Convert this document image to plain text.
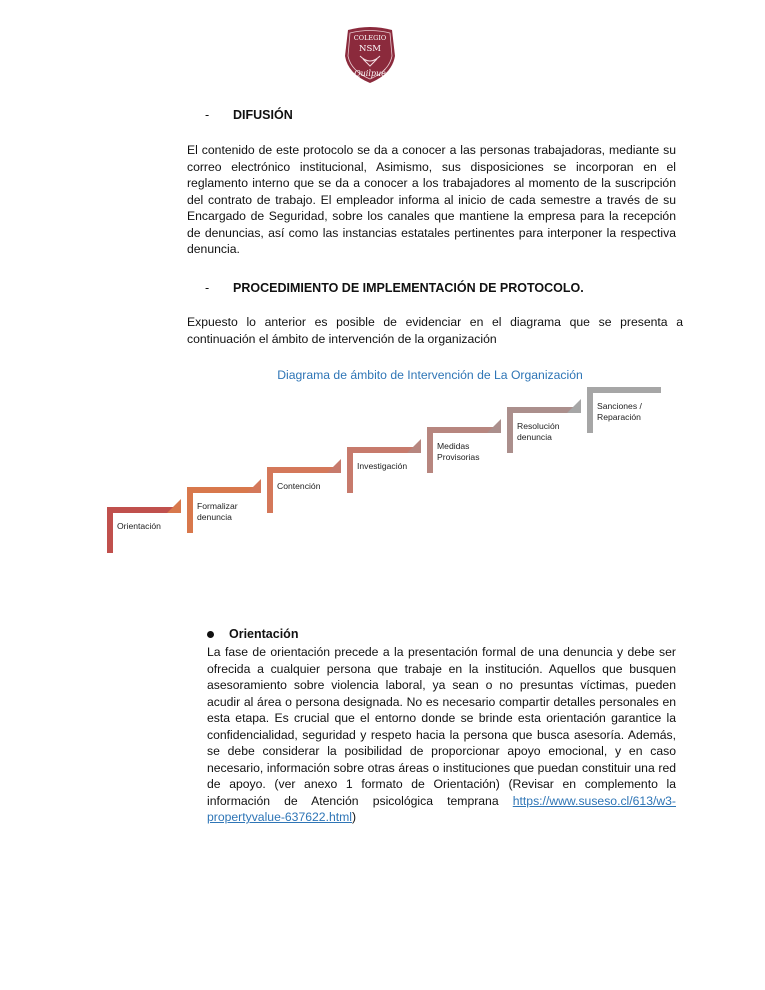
COLEGIO
NSM
Quilpué
-	DIFUSIÓN

El contenido de este protocolo se da a conocer a las personas trabajadoras, mediante su correo electrónico institucional, Asimismo, sus disposiciones se incorporan en el reglamento interno que se da a conocer a los trabajadores al momento de la suscripción del contrato de trabajo. El empleador informa al inicio de cada semestre a través de su Encargado de Seguridad, sobre los canales que mantiene la empresa para la recepción de denuncias, así como las instancias estatales pertinentes para interponer la respectiva denuncia.

-	PROCEDIMIENTO DE IMPLEMENTACIÓN DE PROTOCOLO.

Expuesto lo anterior es posible de evidenciar en el diagrama que se presenta a continuación el ámbito de intervención de la organización

Diagrama de ámbito de Intervención de La Organización
Orientación
Formalizar
denuncia
Contención
Investigación
Medidas
Provisorias
Resolución
denuncia
Sanciones /
Reparación
Orientación

La fase de orientación precede a la presentación formal de una denuncia y debe ser ofrecida a cualquier persona que trabaje en la institución. Aquellos que busquen asesoramiento sobre violencia laboral, ya sean o no presuntas víctimas, pueden acudir al área o persona designada. No es necesario compartir detalles personales en esta etapa. Es crucial que el entorno donde se brinde esta orientación garantice la confidencialidad, seguridad y respeto hacia la persona que busca asesoría. Además, se debe considerar la posibilidad de proporcionar apoyo emocional, y en caso necesario, información sobre otras áreas o instituciones que puedan constituir una red de apoyo. (ver anexo 1 formato de Orientación) (Revisar en complemento la información de Atención psicológica temprana https://www.suseso.cl/613/w3-propertyvalue-637622.html)
